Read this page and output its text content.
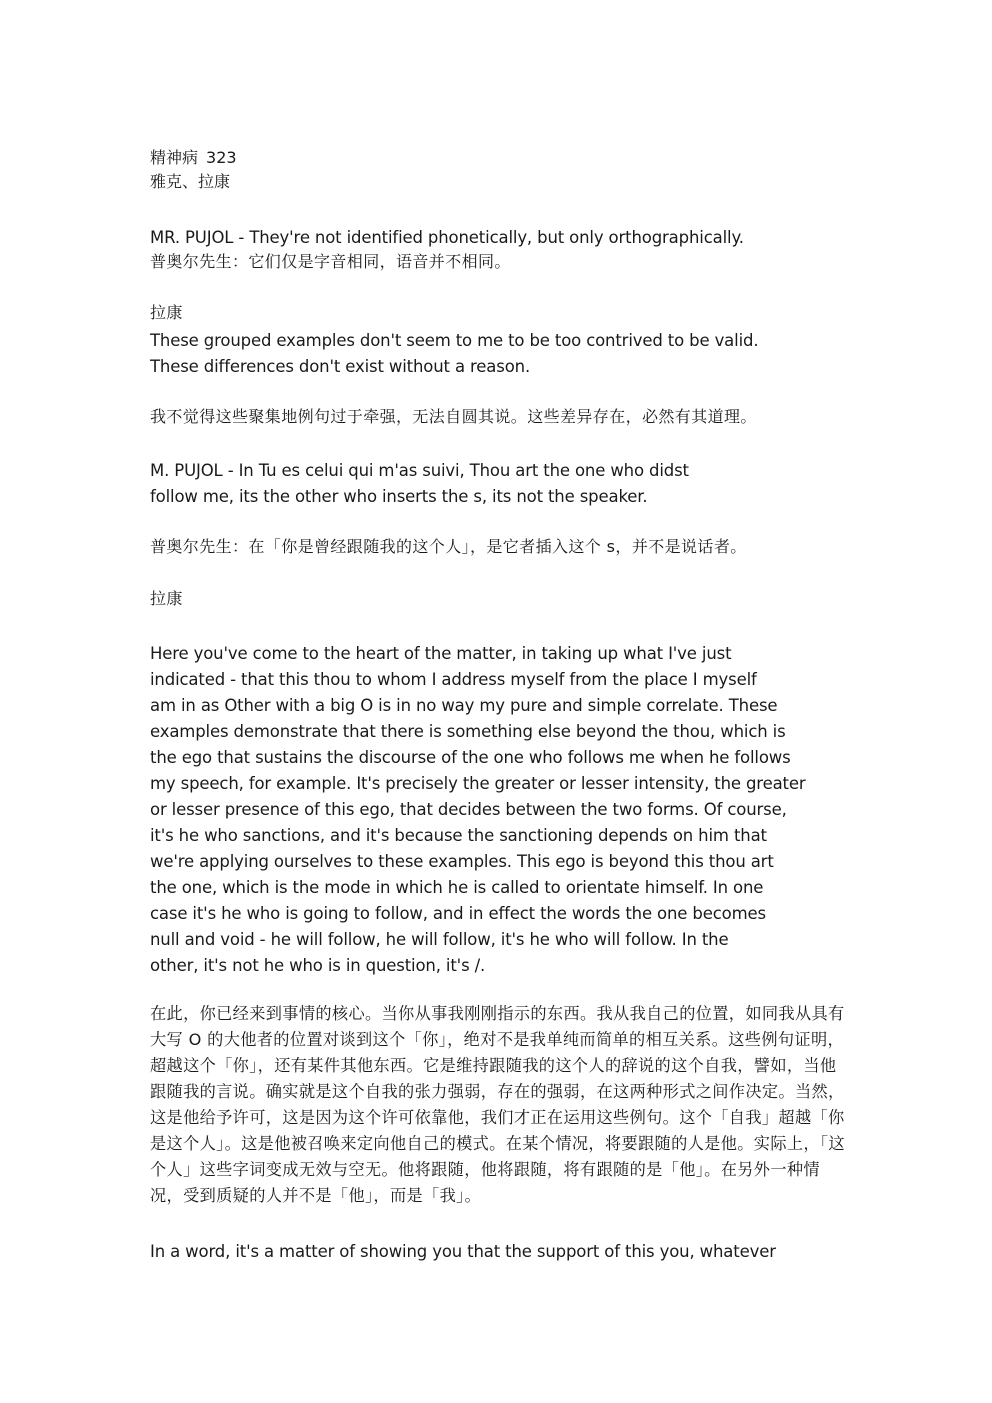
精神病 323
雅克、拉康
MR. PUJOL - They're not identified phonetically, but only orthographically.
普奥尔先生：它们仅是字音相同，语音并不相同。
拉康
These grouped examples don't seem to me to be too contrived to be valid.
These differences don't exist without a reason.
我不觉得这些聚集地例句过于牵强，无法自圆其说。这些差异存在，必然有其道理。
M. PUJOL - In Tu es celui qui m'as suivi, Thou art the one who didst
follow me, its the other who inserts the s, its not the speaker.
普奥尔先生：在「你是曾经跟随我的这个人」，是它者插入这个 s，并不是说话者。
拉康
Here you've come to the heart of the matter, in taking up what I've just
indicated - that this thou to whom I address myself from the place I myself
am in as Other with a big O is in no way my pure and simple correlate. These
examples demonstrate that there is something else beyond the thou, which is
the ego that sustains the discourse of the one who follows me when he follows
my speech, for example. It's precisely the greater or lesser intensity, the greater
or lesser presence of this ego, that decides between the two forms. Of course,
it's he who sanctions, and it's because the sanctioning depends on him that
we're applying ourselves to these examples. This ego is beyond this thou art
the one, which is the mode in which he is called to orientate himself. In one
case it's he who is going to follow, and in effect the words the one becomes
null and void - he will follow, he will follow, it's he who will follow. In the
other, it's not he who is in question, it's /.
在此，你已经来到事情的核心。当你从事我刚刚指示的东西。我从我自己的位置，如同我从具有大写 O 的大他者的位置对谈到这个「你」，绝对不是我单纯而简单的相互关系。这些例句证明，超越这个「你」，还有某件其他东西。它是维持跟随我的这个人的辞说的这个自我，譬如，当他跟随我的言说。确实就是这个自我的张力强弱，存在的强弱，在这两种形式之间作决定。当然，这是他给予许可，这是因为这个许可依靠他，我们才正在运用这些例句。这个「自我」超越「你是这个人」。这是他被召唤来定向他自己的模式。在某个情况，将要跟随的人是他。实际上，「这个人」这些字词变成无效与空无。他将跟随，他将跟随，将有跟随的是「他」。在另外一种情况，受到质疑的人并不是「他」，而是「我」。
In a word, it's a matter of showing you that the support of this you, whatever
